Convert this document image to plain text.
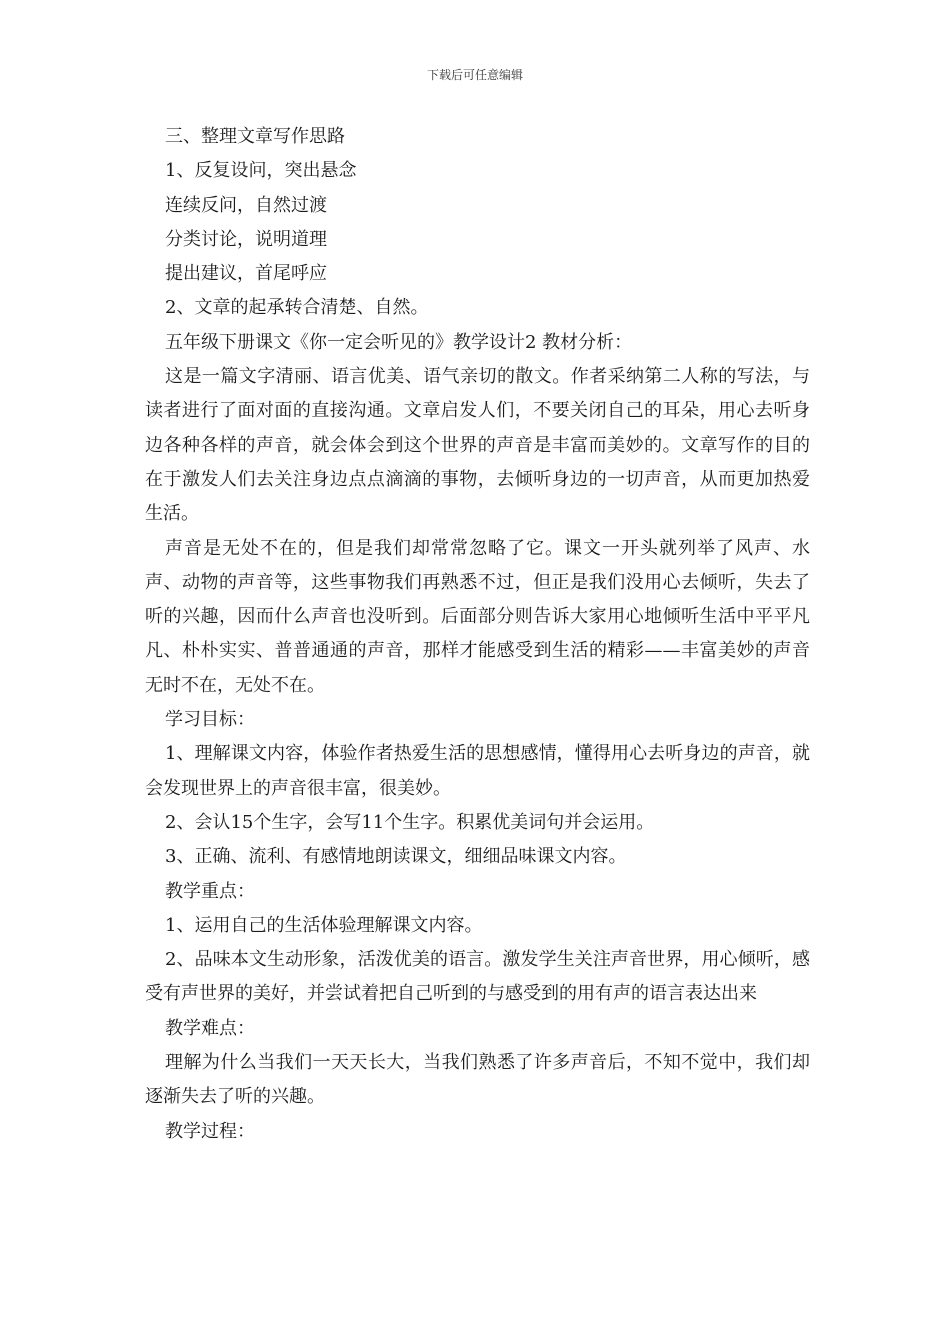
下载后可任意编辑

三、整理文章写作思路

1、反复设问，突出悬念

连续反问，自然过渡

分类讨论，说明道理

提出建议，首尾呼应

2、文章的起承转合清楚、自然。

五年级下册课文《你一定会听见的》教学设计2 教材分析：

这是一篇文字清丽、语言优美、语气亲切的散文。作者采纳第二人称的写法，与读者进行了面对面的直接沟通。文章启发人们，不要关闭自己的耳朵，用心去听身边各种各样的声音，就会体会到这个世界的声音是丰富而美妙的。文章写作的目的在于激发人们去关注身边点点滴滴的事物，去倾听身边的一切声音，从而更加热爱生活。

声音是无处不在的，但是我们却常常忽略了它。课文一开头就列举了风声、水声、动物的声音等，这些事物我们再熟悉不过，但正是我们没用心去倾听，失去了听的兴趣，因而什么声音也没听到。后面部分则告诉大家用心地倾听生活中平平凡凡、朴朴实实、普普通通的声音，那样才能感受到生活的精彩——丰富美妙的声音无时不在，无处不在。

学习目标：

1、理解课文内容，体验作者热爱生活的思想感情，懂得用心去听身边的声音，就会发现世界上的声音很丰富，很美妙。

2、会认15个生字，会写11个生字。积累优美词句并会运用。

3、正确、流利、有感情地朗读课文，细细品味课文内容。

教学重点：

1、运用自己的生活体验理解课文内容。

2、品味本文生动形象，活泼优美的语言。激发学生关注声音世界，用心倾听，感受有声世界的美好，并尝试着把自己听到的与感受到的用有声的语言表达出来

教学难点：

理解为什么当我们一天天长大，当我们熟悉了许多声音后，不知不觉中，我们却逐渐失去了听的兴趣。

教学过程：
